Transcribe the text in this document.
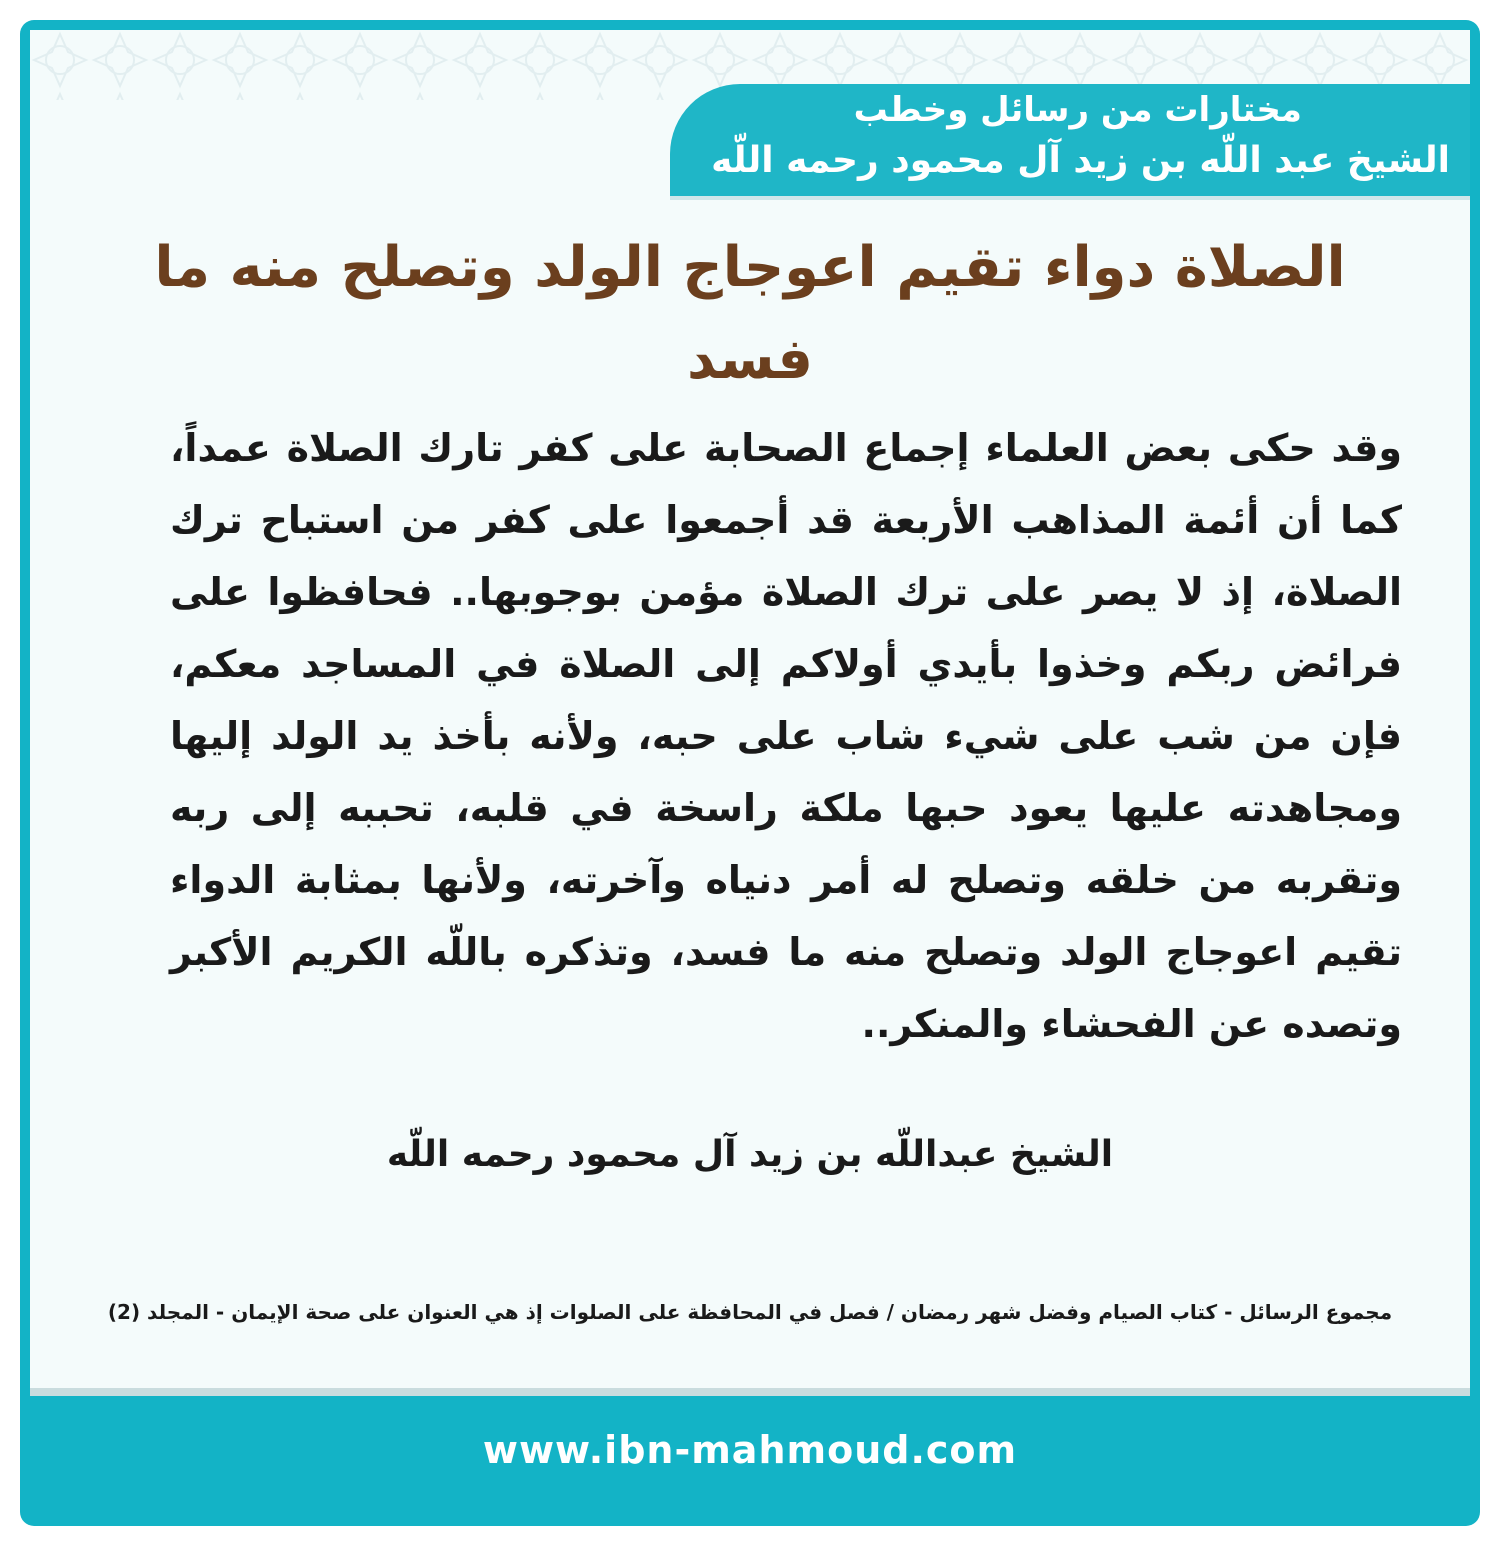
مختارات من رسائل وخطب

الشيخ عبد اللّه بن زيد آل محمود رحمه اللّه

الصلاة دواء تقيم اعوجاج الولد وتصلح منه ما فسد

وقد حكى بعض العلماء إجماع الصحابة على كفر تارك الصلاة عمداً، كما أن أئمة المذاهب الأربعة قد أجمعوا على كفر من استباح ترك الصلاة، إذ لا يصر على ترك الصلاة مؤمن بوجوبها.. فحافظوا على فرائض ربكم وخذوا بأيدي أولاكم إلى الصلاة في المساجد معكم، فإن من شب على شيء شاب على حبه، ولأنه بأخذ يد الولد إليها ومجاهدته عليها يعود حبها ملكة راسخة في قلبه، تحببه إلى ربه وتقربه من خلقه وتصلح له أمر دنياه وآخرته، ولأنها بمثابة الدواء تقيم اعوجاج الولد وتصلح منه ما فسد، وتذكره باللّه الكريم الأكبر وتصده عن الفحشاء والمنكر..

الشيخ عبداللّه بن زيد آل محمود رحمه اللّه

مجموع الرسائل - كتاب الصيام وفضل شهر رمضان / فصل في المحافظة على الصلوات إذ هي العنوان على صحة الإيمان - المجلد (2)

www.ibn-mahmoud.com
